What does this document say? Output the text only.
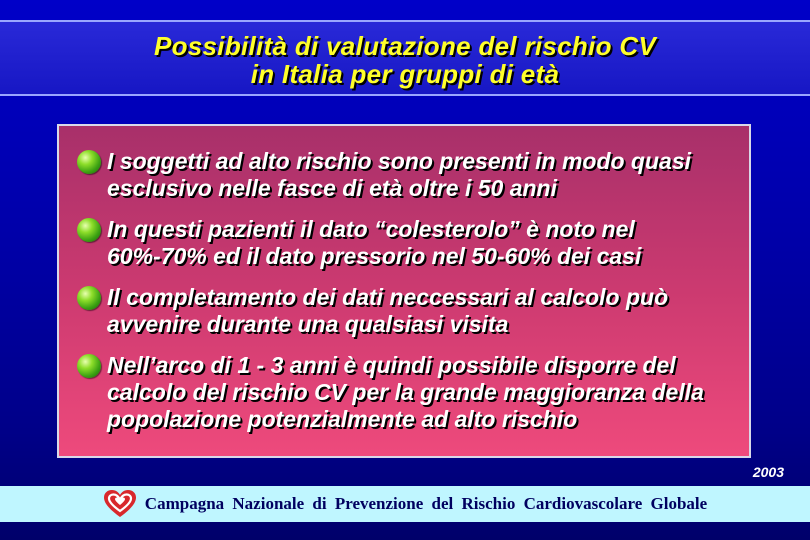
Possibilità di valutazione del rischio CV
in Italia per gruppi di età
I soggetti ad alto rischio sono presenti in modo quasi
esclusivo nelle fasce di età oltre i 50 anni
In questi pazienti il dato “colesterolo” è noto nel
60%-70% ed il dato pressorio nel 50-60% dei casi
Il completamento dei dati neccessari al calcolo può
avvenire durante una qualsiasi visita
Nell’arco di 1 - 3 anni è quindi possibile disporre del
calcolo del rischio CV per la grande maggioranza della
popolazione potenzialmente ad alto rischio
2003
Campagna Nazionale di Prevenzione del Rischio Cardiovascolare Globale
